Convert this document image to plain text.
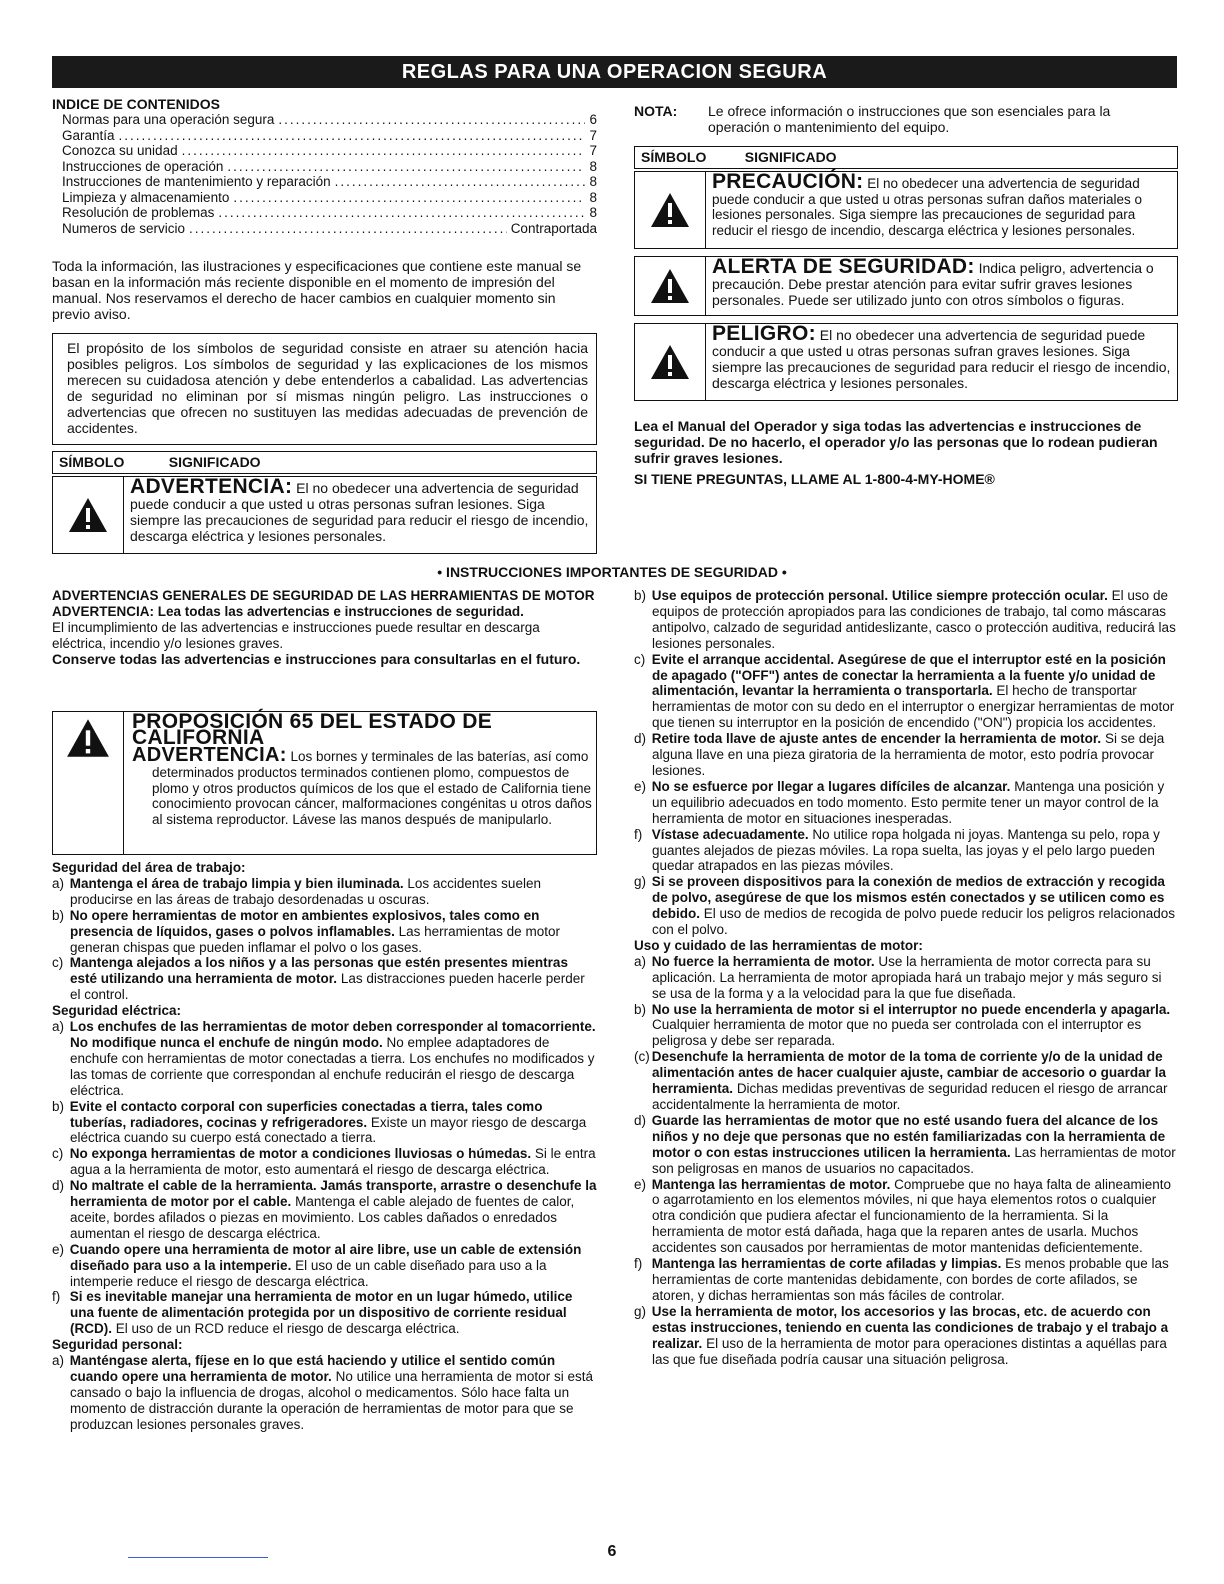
REGLAS PARA UNA OPERACION SEGURA
INDICE DE CONTENIDOS
Normas para una operación segura .....	6
Garantía .....	7
Conozca su unidad .....	7
Instrucciones de operación .....	8
Instrucciones de mantenimiento y reparación .....	8
Limpieza y almacenamiento .....	8
Resolución de problemas .....	8
Numeros de servicio .....	Contraportada
Toda la información, las ilustraciones y especificaciones que contiene este manual se basan en la información más reciente disponible en el momento de impresión del manual. Nos reservamos el derecho de hacer cambios en cualquier momento sin previo aviso.
El propósito de los símbolos de seguridad consiste en atraer su atención hacia posibles peligros. Los símbolos de seguridad y las explicaciones de los mismos merecen su cuidadosa atención y debe entenderlos a cabalidad. Las advertencias de seguridad no eliminan por sí mismas ningún peligro. Las instrucciones o advertencias que ofrecen no sustituyen las medidas adecuadas de prevención de accidentes.
SÍMBOLO	SIGNIFICADO
ADVERTENCIA: El no obedecer una advertencia de seguridad puede conducir a que usted u otras personas sufran lesiones. Siga siempre las precauciones de seguridad para reducir el riesgo de incendio, descarga eléctrica y lesiones personales.
NOTA:	Le ofrece información o instrucciones que son esenciales para la operación o mantenimiento del equipo.
SÍMBOLO	SIGNIFICADO
PRECAUCIÓN: El no obedecer una advertencia de seguridad puede conducir a que usted u otras personas sufran daños materiales o lesiones personales. Siga siempre las precauciones de seguridad para reducir el riesgo de incendio, descarga eléctrica y lesiones personales.
ALERTA DE SEGURIDAD: Indica peligro, advertencia o precaución. Debe prestar atención para evitar sufrir graves lesiones personales. Puede ser utilizado junto con otros símbolos o figuras.
PELIGRO: El no obedecer una advertencia de seguridad puede conducir a que usted u otras personas sufran graves lesiones. Siga siempre las precauciones de seguridad para reducir el riesgo de incendio, descarga eléctrica y lesiones personales.
Lea el Manual del Operador y siga todas las advertencias e instrucciones de seguridad. De no hacerlo, el operador y/o las personas que lo rodean pudieran sufrir graves lesiones.
SI TIENE PREGUNTAS, LLAME AL 1-800-4-MY-HOME®
• INSTRUCCIONES IMPORTANTES DE SEGURIDAD •

ADVERTENCIAS GENERALES DE SEGURIDAD DE LAS HERRAMIENTAS DE MOTOR

ADVERTENCIA: Lea todas las advertencias e instrucciones de seguridad.

El incumplimiento de las advertencias e instrucciones puede resultar en descarga eléctrica, incendio y/o lesiones graves.

Conserve todas las advertencias e instrucciones para consultarlas en el futuro.

PROPOSICIÓN 65 DEL ESTADO DE CALIFORNIA
ADVERTENCIA: Los bornes y terminales de las baterías, así como determinados productos terminados contienen plomo, compuestos de plomo y otros productos químicos de los que el estado de California tiene conocimiento provocan cáncer, malformaciones congénitas u otros daños al sistema reproductor. Lávese las manos después de manipularlo.

Seguridad del área de trabajo:

a) Mantenga el área de trabajo limpia y bien iluminada. Los accidentes suelen producirse en las áreas de trabajo desordenadas u oscuras.

b) No opere herramientas de motor en ambientes explosivos, tales como en presencia de líquidos, gases o polvos inflamables. Las herramientas de motor generan chispas que pueden inflamar el polvo o los gases.

c) Mantenga alejados a los niños y a las personas que estén presentes mientras esté utilizando una herramienta de motor. Las distracciones pueden hacerle perder el control.

Seguridad eléctrica:

a) Los enchufes de las herramientas de motor deben corresponder al tomacorriente. No modifique nunca el enchufe de ningún modo. No emplee adaptadores de enchufe con herramientas de motor conectadas a tierra. Los enchufes no modificados y las tomas de corriente que correspondan al enchufe reducirán el riesgo de descarga eléctrica.

b) Evite el contacto corporal con superficies conectadas a tierra, tales como tuberías, radiadores, cocinas y refrigeradores. Existe un mayor riesgo de descarga eléctrica cuando su cuerpo está conectado a tierra.

c) No exponga herramientas de motor a condiciones lluviosas o húmedas. Si le entra agua a la herramienta de motor, esto aumentará el riesgo de descarga eléctrica.

d) No maltrate el cable de la herramienta. Jamás transporte, arrastre o desenchufe la herramienta de motor por el cable. Mantenga el cable alejado de fuentes de calor, aceite, bordes afilados o piezas en movimiento. Los cables dañados o enredados aumentan el riesgo de descarga eléctrica.

e) Cuando opere una herramienta de motor al aire libre, use un cable de extensión diseñado para uso a la intemperie. El uso de un cable diseñado para uso a la intemperie reduce el riesgo de descarga eléctrica.

f) Si es inevitable manejar una herramienta de motor en un lugar húmedo, utilice una fuente de alimentación protegida por un dispositivo de corriente residual (RCD). El uso de un RCD reduce el riesgo de descarga eléctrica.

Seguridad personal:

a) Manténgase alerta, fíjese en lo que está haciendo y utilice el sentido común cuando opere una herramienta de motor. No utilice una herramienta de motor si está cansado o bajo la influencia de drogas, alcohol o medicamentos. Sólo hace falta un momento de distracción durante la operación de herramientas de motor para que se produzcan lesiones personales graves.

b) Use equipos de protección personal. Utilice siempre protección ocular. El uso de equipos de protección apropiados para las condiciones de trabajo, tal como máscaras antipolvo, calzado de seguridad antideslizante, casco o protección auditiva, reducirá las lesiones personales.

c) Evite el arranque accidental. Asegúrese de que el interruptor esté en la posición de apagado ("OFF") antes de conectar la herramienta a la fuente y/o unidad de alimentación, levantar la herramienta o transportarla. El hecho de transportar herramientas de motor con su dedo en el interruptor o energizar herramientas de motor que tienen su interruptor en la posición de encendido ("ON") propicia los accidentes.

d) Retire toda llave de ajuste antes de encender la herramienta de motor. Si se deja alguna llave en una pieza giratoria de la herramienta de motor, esto podría provocar lesiones.

e) No se esfuerce por llegar a lugares difíciles de alcanzar. Mantenga una posición y un equilibrio adecuados en todo momento. Esto permite tener un mayor control de la herramienta de motor en situaciones inesperadas.

f) Vístase adecuadamente. No utilice ropa holgada ni joyas. Mantenga su pelo, ropa y guantes alejados de piezas móviles. La ropa suelta, las joyas y el pelo largo pueden quedar atrapados en las piezas móviles.

g) Si se proveen dispositivos para la conexión de medios de extracción y recogida de polvo, asegúrese de que los mismos estén conectados y se utilicen como es debido. El uso de medios de recogida de polvo puede reducir los peligros relacionados con el polvo.

Uso y cuidado de las herramientas de motor:

a) No fuerce la herramienta de motor. Use la herramienta de motor correcta para su aplicación. La herramienta de motor apropiada hará un trabajo mejor y más seguro si se usa de la forma y a la velocidad para la que fue diseñada.

b) No use la herramienta de motor si el interruptor no puede encenderla y apagarla. Cualquier herramienta de motor que no pueda ser controlada con el interruptor es peligrosa y debe ser reparada.

(c) Desenchufe la herramienta de motor de la toma de corriente y/o de la unidad de alimentación antes de hacer cualquier ajuste, cambiar de accesorio o guardar la herramienta. Dichas medidas preventivas de seguridad reducen el riesgo de arrancar accidentalmente la herramienta de motor.

d) Guarde las herramientas de motor que no esté usando fuera del alcance de los niños y no deje que personas que no estén familiarizadas con la herramienta de motor o con estas instrucciones utilicen la herramienta. Las herramientas de motor son peligrosas en manos de usuarios no capacitados.

e) Mantenga las herramientas de motor. Compruebe que no haya falta de alineamiento o agarrotamiento en los elementos móviles, ni que haya elementos rotos o cualquier otra condición que pudiera afectar el funcionamiento de la herramienta. Si la herramienta de motor está dañada, haga que la reparen antes de usarla. Muchos accidentes son causados por herramientas de motor mantenidas deficientemente.

f) Mantenga las herramientas de corte afiladas y limpias. Es menos probable que las herramientas de corte mantenidas debidamente, con bordes de corte afilados, se atoren, y dichas herramientas son más fáciles de controlar.

g) Use la herramienta de motor, los accesorios y las brocas, etc. de acuerdo con estas instrucciones, teniendo en cuenta las condiciones de trabajo y el trabajo a realizar. El uso de la herramienta de motor para operaciones distintas a aquéllas para las que fue diseñada podría causar una situación peligrosa.

6
